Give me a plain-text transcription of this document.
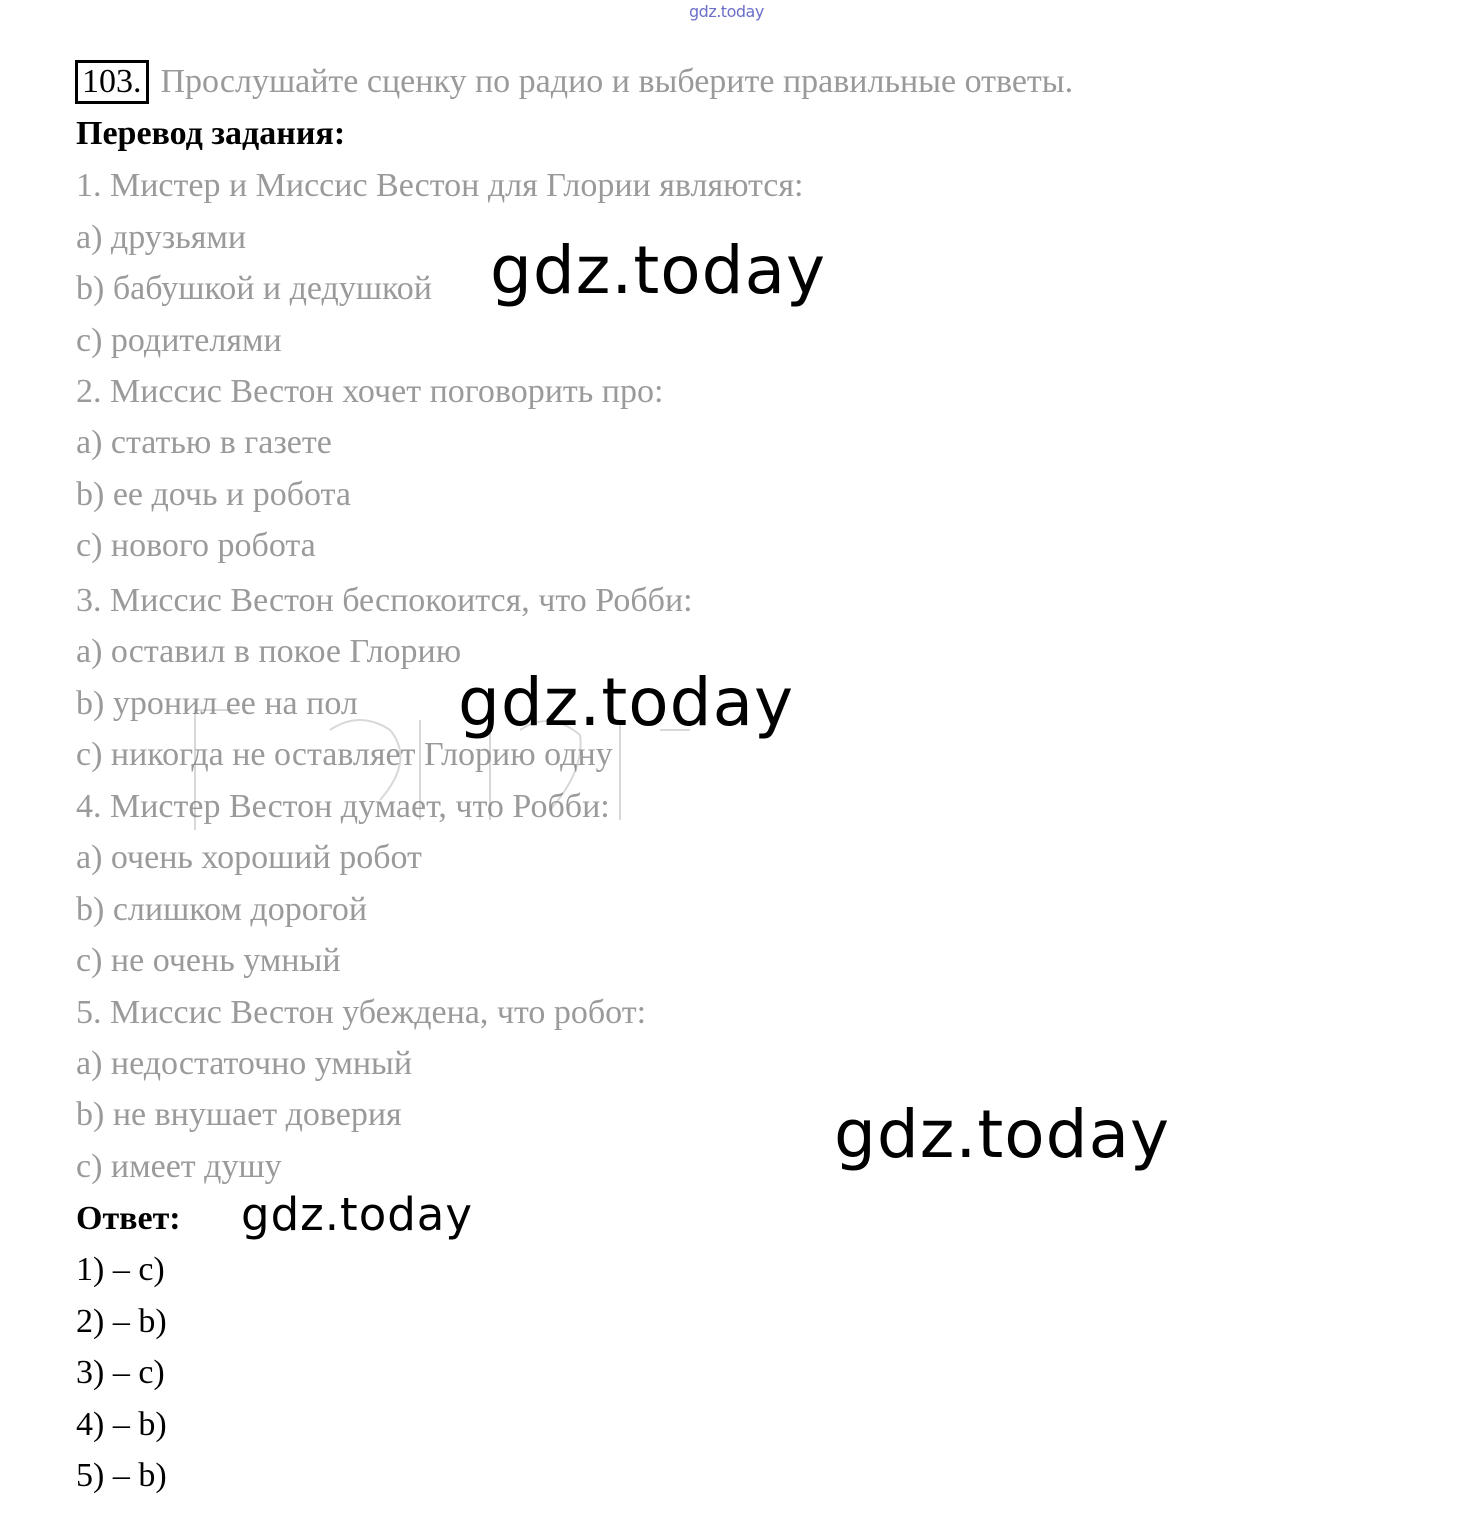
gdz.today
103. Прослушайте сценку по радио и выберите правильные ответы.
Перевод задания:
1. Мистер и Миссис Вестон для Глории являются:
a) друзьями
b) бабушкой и дедушкой
c) родителями
2. Миссис Вестон хочет поговорить про:
a) статью в газете
b) ее дочь и робота
c) нового робота
3. Миссис Вестон беспокоится, что Робби:
a) оставил в покое Глорию
b) уронил ее на пол
c) никогда не оставляет Глорию одну
4. Мистер Вестон думает, что Робби:
a) очень хороший робот
b) слишком дорогой
c) не очень умный
5. Миссис Вестон убеждена, что робот:
a) недостаточно умный
b) не внушает доверия
c) имеет душу
Ответ:
1) – c)
2) – b)
3) – c)
4) – b)
5) – b)
gdz.today
gdz.today
gdz.today
gdz.today
